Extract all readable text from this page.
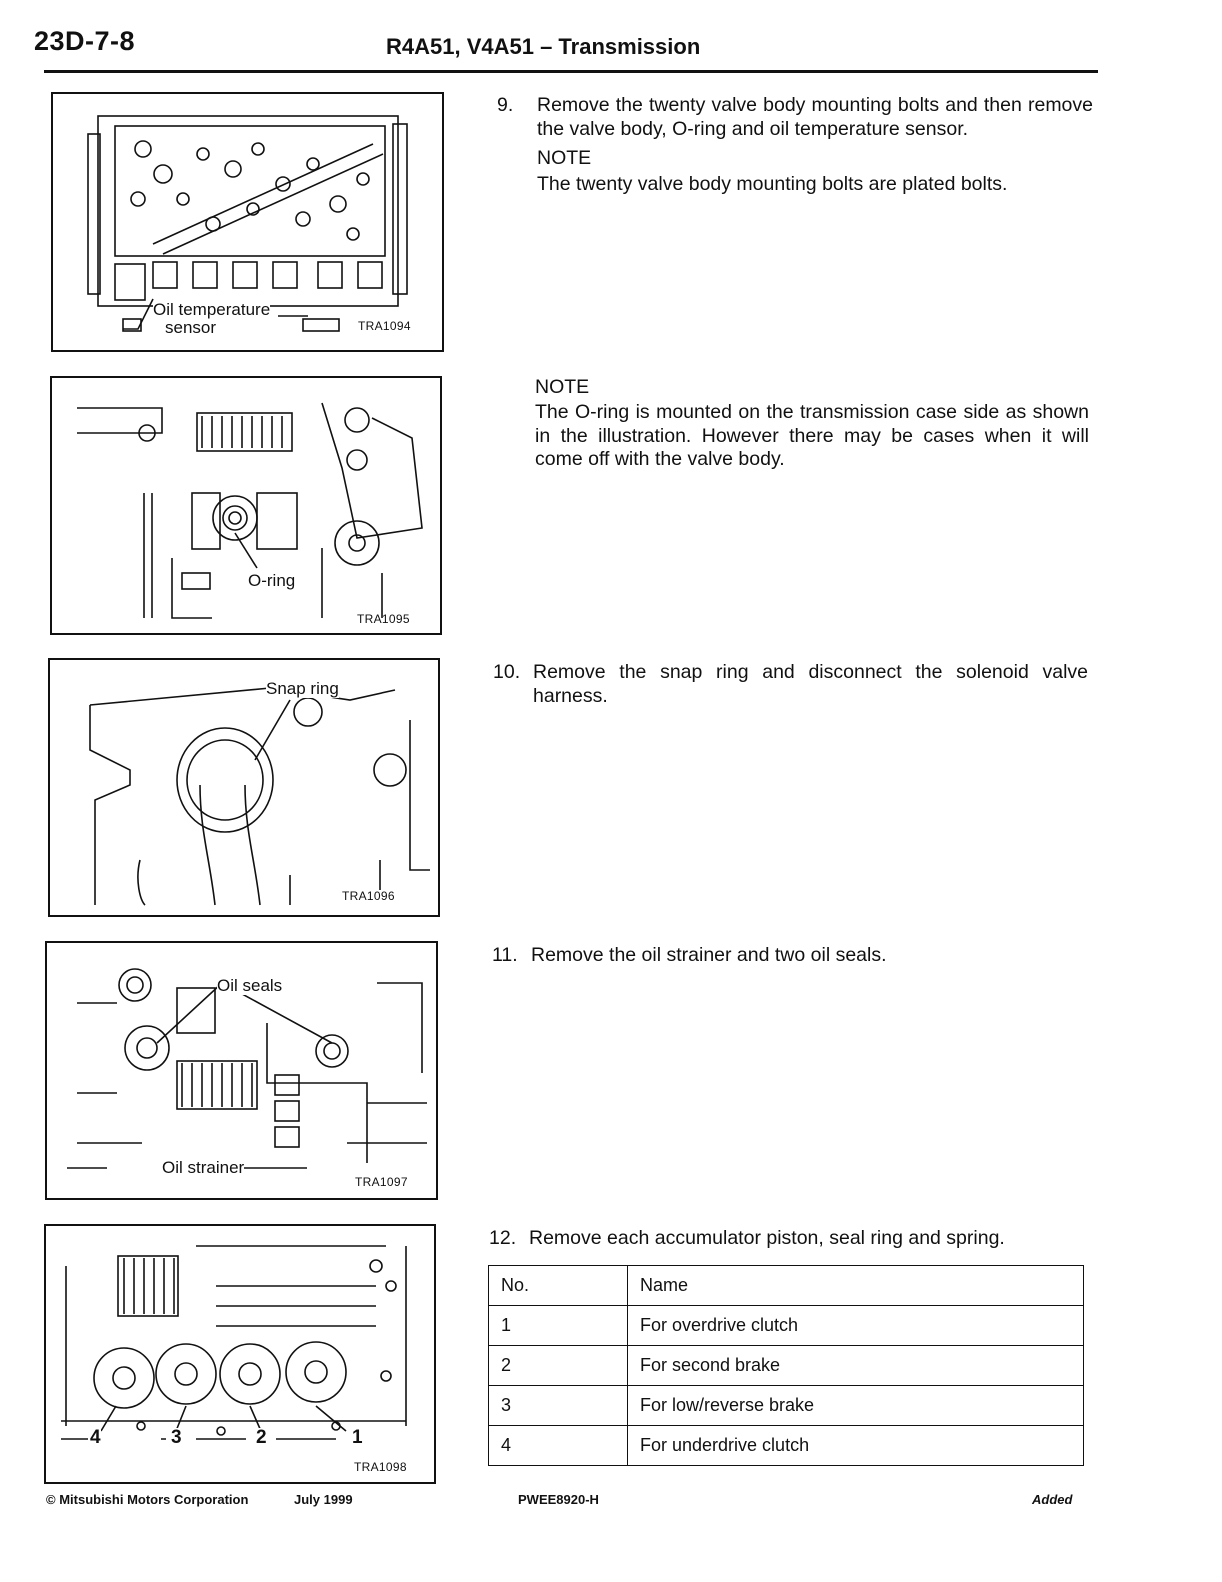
23D-7-8	R4A51, V4A51 – Transmission
Oil temperature
sensor	TRA1094
O-ring
TRA1095
Snap ring
TRA1096
Oil seals
Oil strainer
TRA1097
4	3	2	1
TRA1098
9. Remove the twenty valve body mounting bolts and then remove the valve body, O-ring and oil temperature sensor.
NOTE
The twenty valve body mounting bolts are plated bolts.
NOTE
The O-ring is mounted on the transmission case side as shown in the illustration. However there may be cases when it will come off with the valve body.
10. Remove the snap ring and disconnect the solenoid valve harness.
11. Remove the oil strainer and two oil seals.
12. Remove each accumulator piston, seal ring and spring.
No.	Name
1	For overdrive clutch
2	For second brake
3	For low/reverse brake
4	For underdrive clutch
© Mitsubishi Motors Corporation	July 1999	PWEE8920-H	Added
